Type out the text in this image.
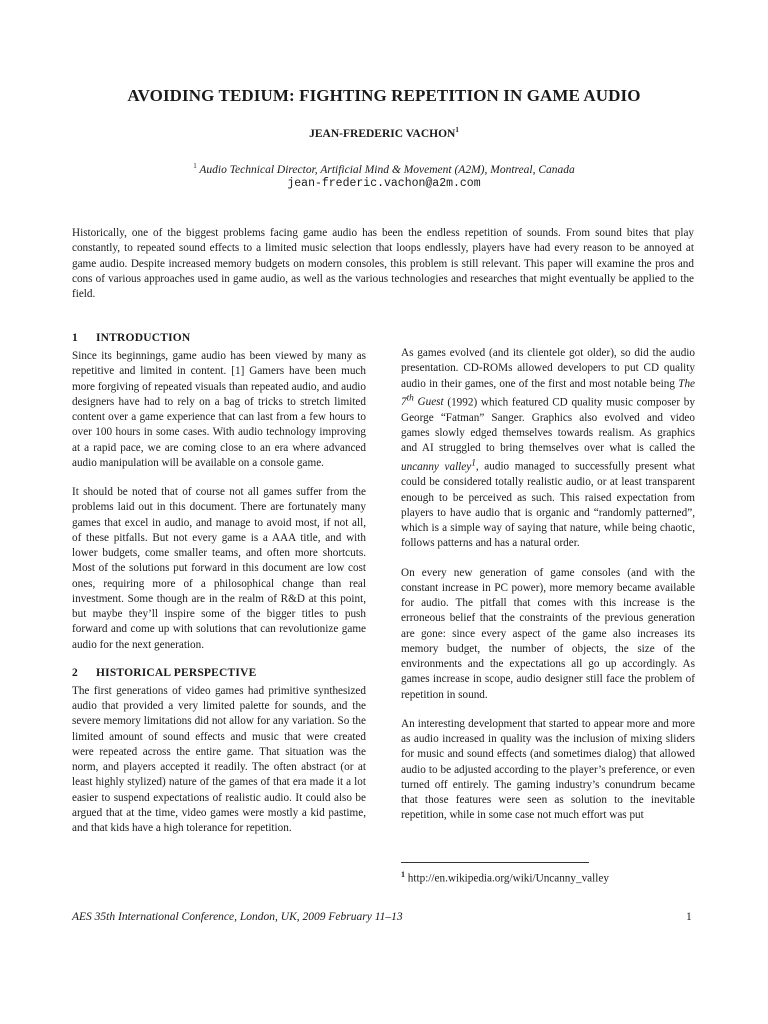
AVOIDING TEDIUM: FIGHTING REPETITION IN GAME AUDIO
JEAN-FREDERIC VACHON$^1$
$^1$ Audio Technical Director, Artificial Mind & Movement (A2M), Montreal, Canada
jean-frederic.vachon@a2m.com

Historically, one of the biggest problems facing game audio has been the endless repetition of sounds. From sound bites that play constantly, to repeated sound effects to a limited music selection that loops endlessly, players have had every reason to be annoyed at game audio. Despite increased memory budgets on modern consoles, this problem is still relevant. This paper will examine the pros and cons of various approaches used in game audio, as well as the various technologies and researches that might eventually be applied to the field.

1 INTRODUCTION

Since its beginnings, game audio has been viewed by many as repetitive and limited in content. [1] Gamers have been much more forgiving of repeated visuals than repeated audio, and audio designers have had to rely on a bag of tricks to stretch limited content over a game experience that can last from a few hours to over 100 hours in some cases. With audio technology improving at a rapid pace, we are coming close to an era where advanced audio manipulation will be available on a console game.

It should be noted that of course not all games suffer from the problems laid out in this document. There are fortunately many games that excel in audio, and manage to avoid most, if not all, of these pitfalls. But not every game is a AAA title, and with lower budgets, come smaller teams, and often more shortcuts. Most of the solutions put forward in this document are low cost ones, requiring more of a philosophical change than real investment. Some though are in the realm of R&D at this point, but maybe they’ll inspire some of the bigger titles to push forward and come up with solutions that can revolutionize game audio for the next generation.

2 HISTORICAL PERSPECTIVE

The first generations of video games had primitive synthesized audio that provided a very limited palette for sounds, and the severe memory limitations did not allow for any variation. So the limited amount of sound effects and music that were created were repeated across the entire game. That situation was the norm, and players accepted it readily. The often abstract (or at least highly stylized) nature of the games of that era made it a lot easier to suspend expectations of realistic audio. It could also be argued that at the time, video games were mostly a kid pastime, and that kids have a high tolerance for repetition.

As games evolved (and its clientele got older), so did the audio presentation. CD-ROMs allowed developers to put CD quality audio in their games, one of the first and most notable being The 7th Guest (1992) which featured CD quality music composer by George “Fatman” Sanger. Graphics also evolved and video games slowly edged themselves towards realism. As graphics and AI struggled to bring themselves over what is called the uncanny valley$^1$, audio managed to successfully present what could be considered totally realistic audio, or at least transparent enough to be perceived as such. This raised expectation from players to have audio that is organic and “randomly patterned”, which is a simple way of saying that nature, while being chaotic, follows patterns and has a natural order.

On every new generation of game consoles (and with the constant increase in PC power), more memory became available for audio. The pitfall that comes with this increase is the erroneous belief that the constraints of the previous generation are gone: since every aspect of the game also increases its memory budget, the number of objects, the size of the environments and the expectations all go up accordingly. As games increase in scope, audio designer still face the problem of repetition in sound.

An interesting development that started to appear more and more as audio increased in quality was the inclusion of mixing sliders for music and sound effects (and sometimes dialog) that allowed audio to be adjusted according to the player’s preference, or even turned off entirely. The gaming industry’s conundrum became that those features were seen as solution to the inevitable repetition, while in some case not much effort was put

$^1$ http://en.wikipedia.org/wiki/Uncanny_valley
AES 35th International Conference, London, UK, 2009 February 11–13	1
